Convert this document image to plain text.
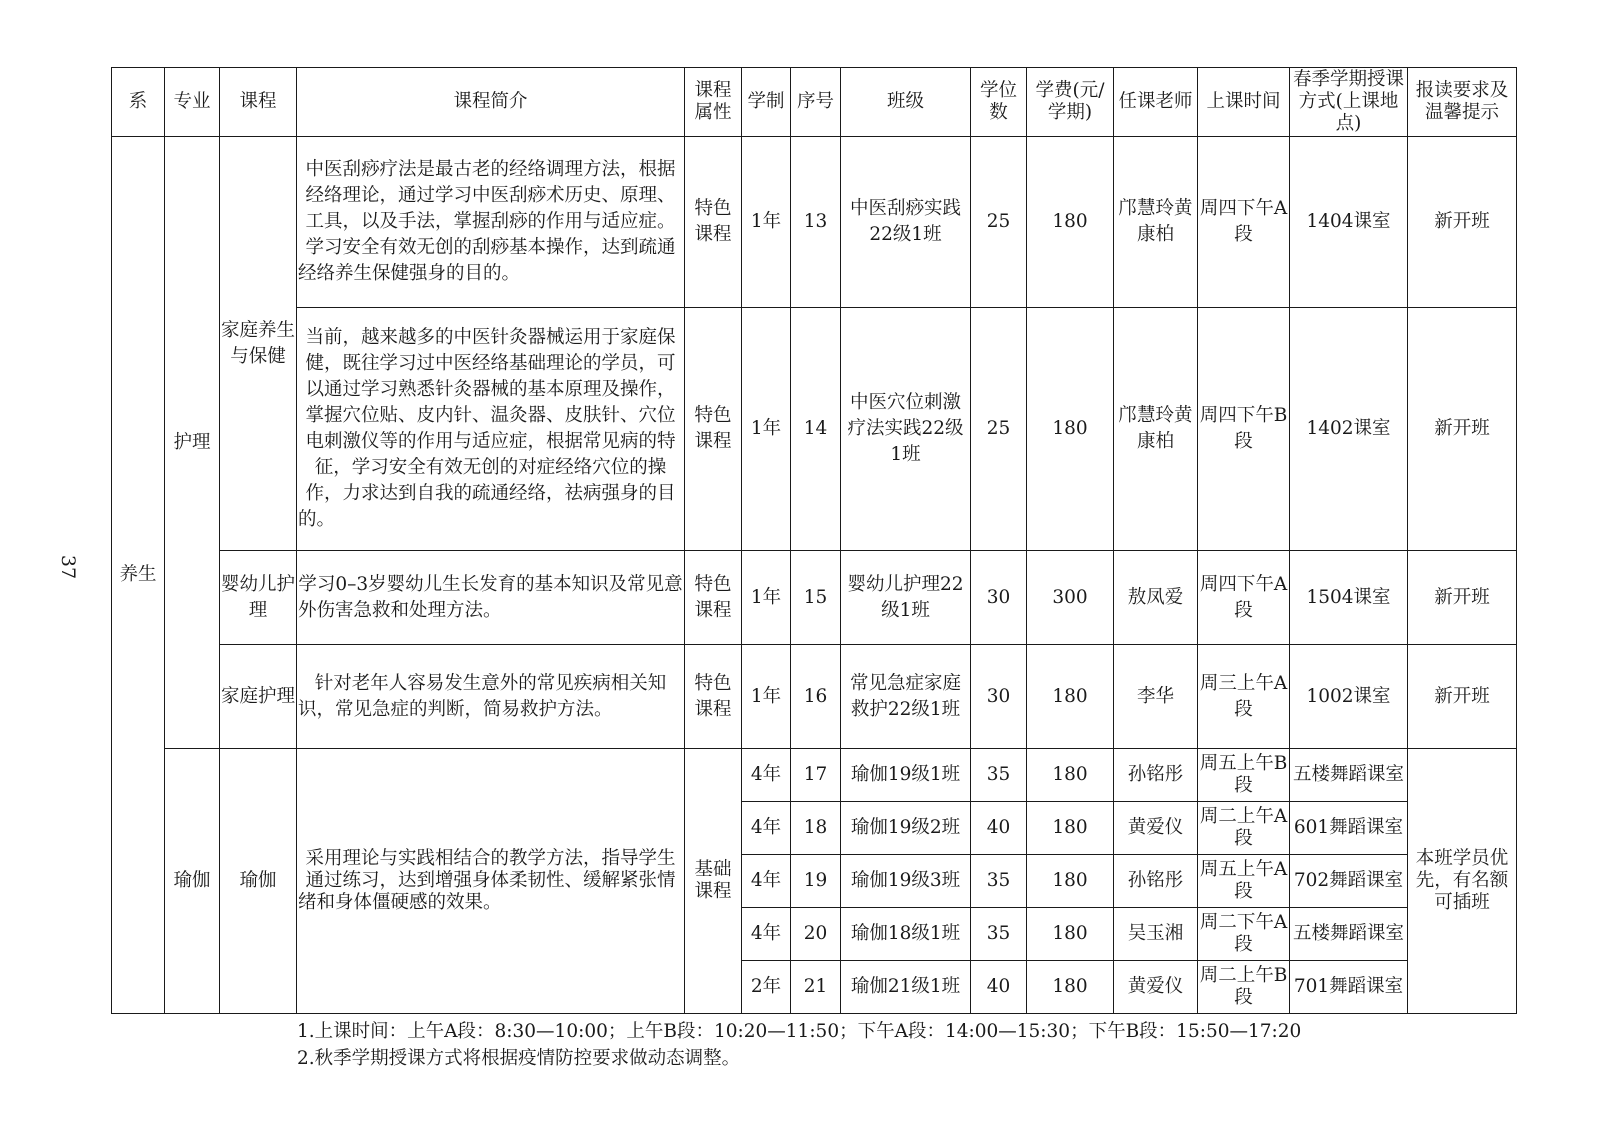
37
系	专业	课程	课程简介	课程属性	学制	序号	班级	学位数	学费(元/学期)	任课老师	上课时间	春季学期授课方式(上课地点)	报读要求及温馨提示
养生	护理	家庭养生与保健	中医刮痧疗法是最古老的经络调理方法，根据经络理论，通过学习中医刮痧术历史、原理、工具，以及手法，掌握刮痧的作用与适应症。学习安全有效无创的刮痧基本操作，达到疏通经络养生保健强身的目的。	特色课程	1年	13	中医刮痧实践22级1班	25	180	邝慧玲黄康柏	周四下午A段	1404课室	新开班
			当前，越来越多的中医针灸器械运用于家庭保健，既往学习过中医经络基础理论的学员，可以通过学习熟悉针灸器械的基本原理及操作，掌握穴位贴、皮内针、温灸器、皮肤针、穴位电刺激仪等的作用与适应症，根据常见病的特征，学习安全有效无创的对症经络穴位的操作，力求达到自我的疏通经络，祛病强身的目的。	特色课程	1年	14	中医穴位刺激疗法实践22级1班	25	180	邝慧玲黄康柏	周四下午B段	1402课室	新开班
		婴幼儿护理	学习0–3岁婴幼儿生长发育的基本知识及常见意外伤害急救和处理方法。	特色课程	1年	15	婴幼儿护理22级1班	30	300	敖凤爱	周四下午A段	1504课室	新开班
		家庭护理	针对老年人容易发生意外的常见疾病相关知识，常见急症的判断，简易救护方法。	特色课程	1年	16	常见急症家庭救护22级1班	30	180	李华	周三上午A段	1002课室	新开班
	瑜伽	瑜伽	采用理论与实践相结合的教学方法，指导学生通过练习，达到增强身体柔韧性、缓解紧张情绪和身体僵硬感的效果。	基础课程	4年	17	瑜伽19级1班	35	180	孙铭彤	周五上午B段	五楼舞蹈课室	本班学员优先，有名额可插班
					4年	18	瑜伽19级2班	40	180	黄爱仪	周二上午A段	601舞蹈课室	
					4年	19	瑜伽19级3班	35	180	孙铭彤	周五上午A段	702舞蹈课室	
					4年	20	瑜伽18级1班	35	180	吴玉湘	周二下午A段	五楼舞蹈课室	
					2年	21	瑜伽21级1班	40	180	黄爱仪	周二上午B段	701舞蹈课室	
1.上课时间：上午A段：8:30—10:00；上午B段：10:20—11:50；下午A段：14:00—15:30；下午B段：15:50—17:20
2.秋季学期授课方式将根据疫情防控要求做动态调整。
